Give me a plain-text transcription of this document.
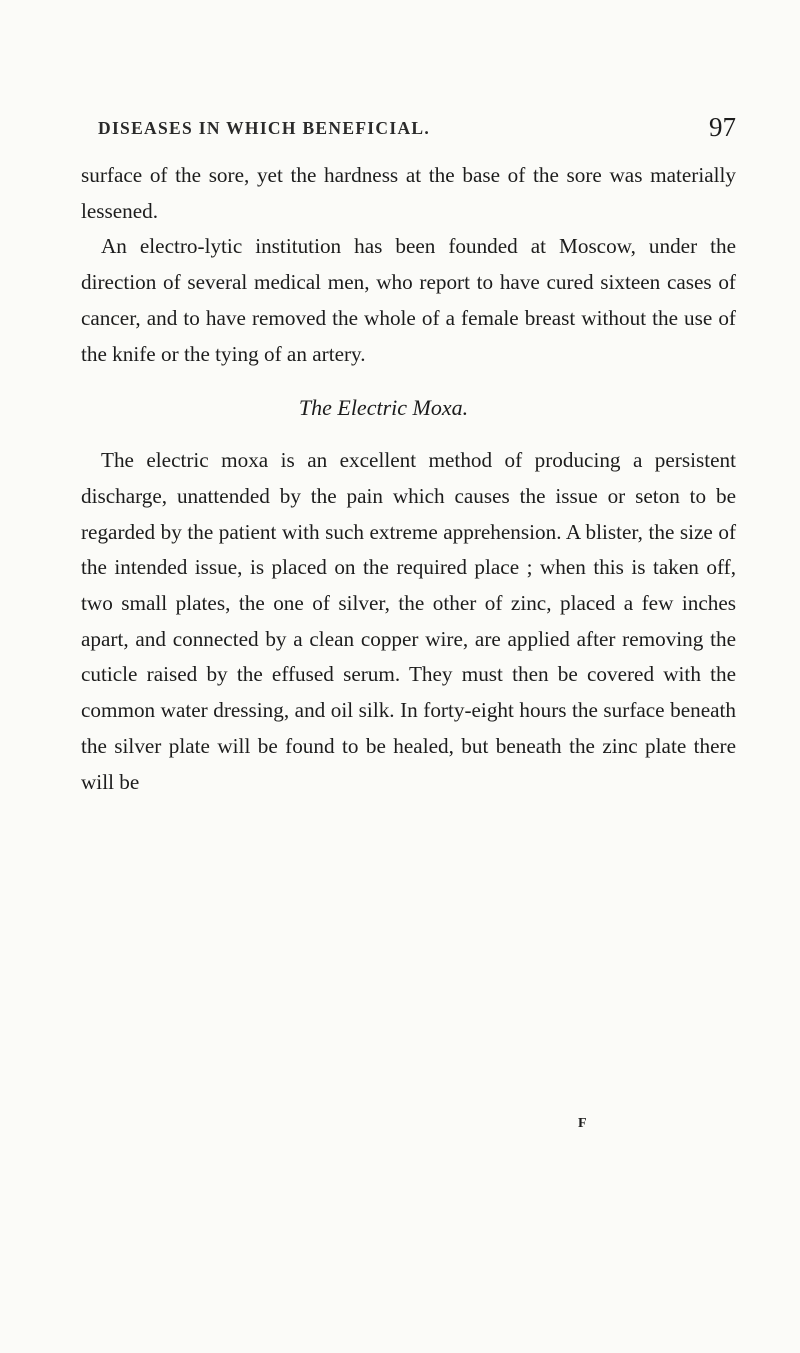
DISEASES IN WHICH BENEFICIAL.	97

surface of the sore, yet the hardness at the base of the sore was materially lessened.

An electro-lytic institution has been founded at Moscow, under the direction of several medical men, who report to have cured sixteen cases of cancer, and to have removed the whole of a female breast without the use of the knife or the tying of an artery.

The Electric Moxa.

The electric moxa is an excellent method of producing a persistent discharge, unattended by the pain which causes the issue or seton to be regarded by the patient with such extreme apprehension. A blister, the size of the intended issue, is placed on the required place ; when this is taken off, two small plates, the one of silver, the other of zinc, placed a few inches apart, and connected by a clean copper wire, are applied after removing the cuticle raised by the effused serum. They must then be covered with the common water dressing, and oil silk. In forty-eight hours the surface beneath the silver plate will be found to be healed, but beneath the zinc plate there will be

F
